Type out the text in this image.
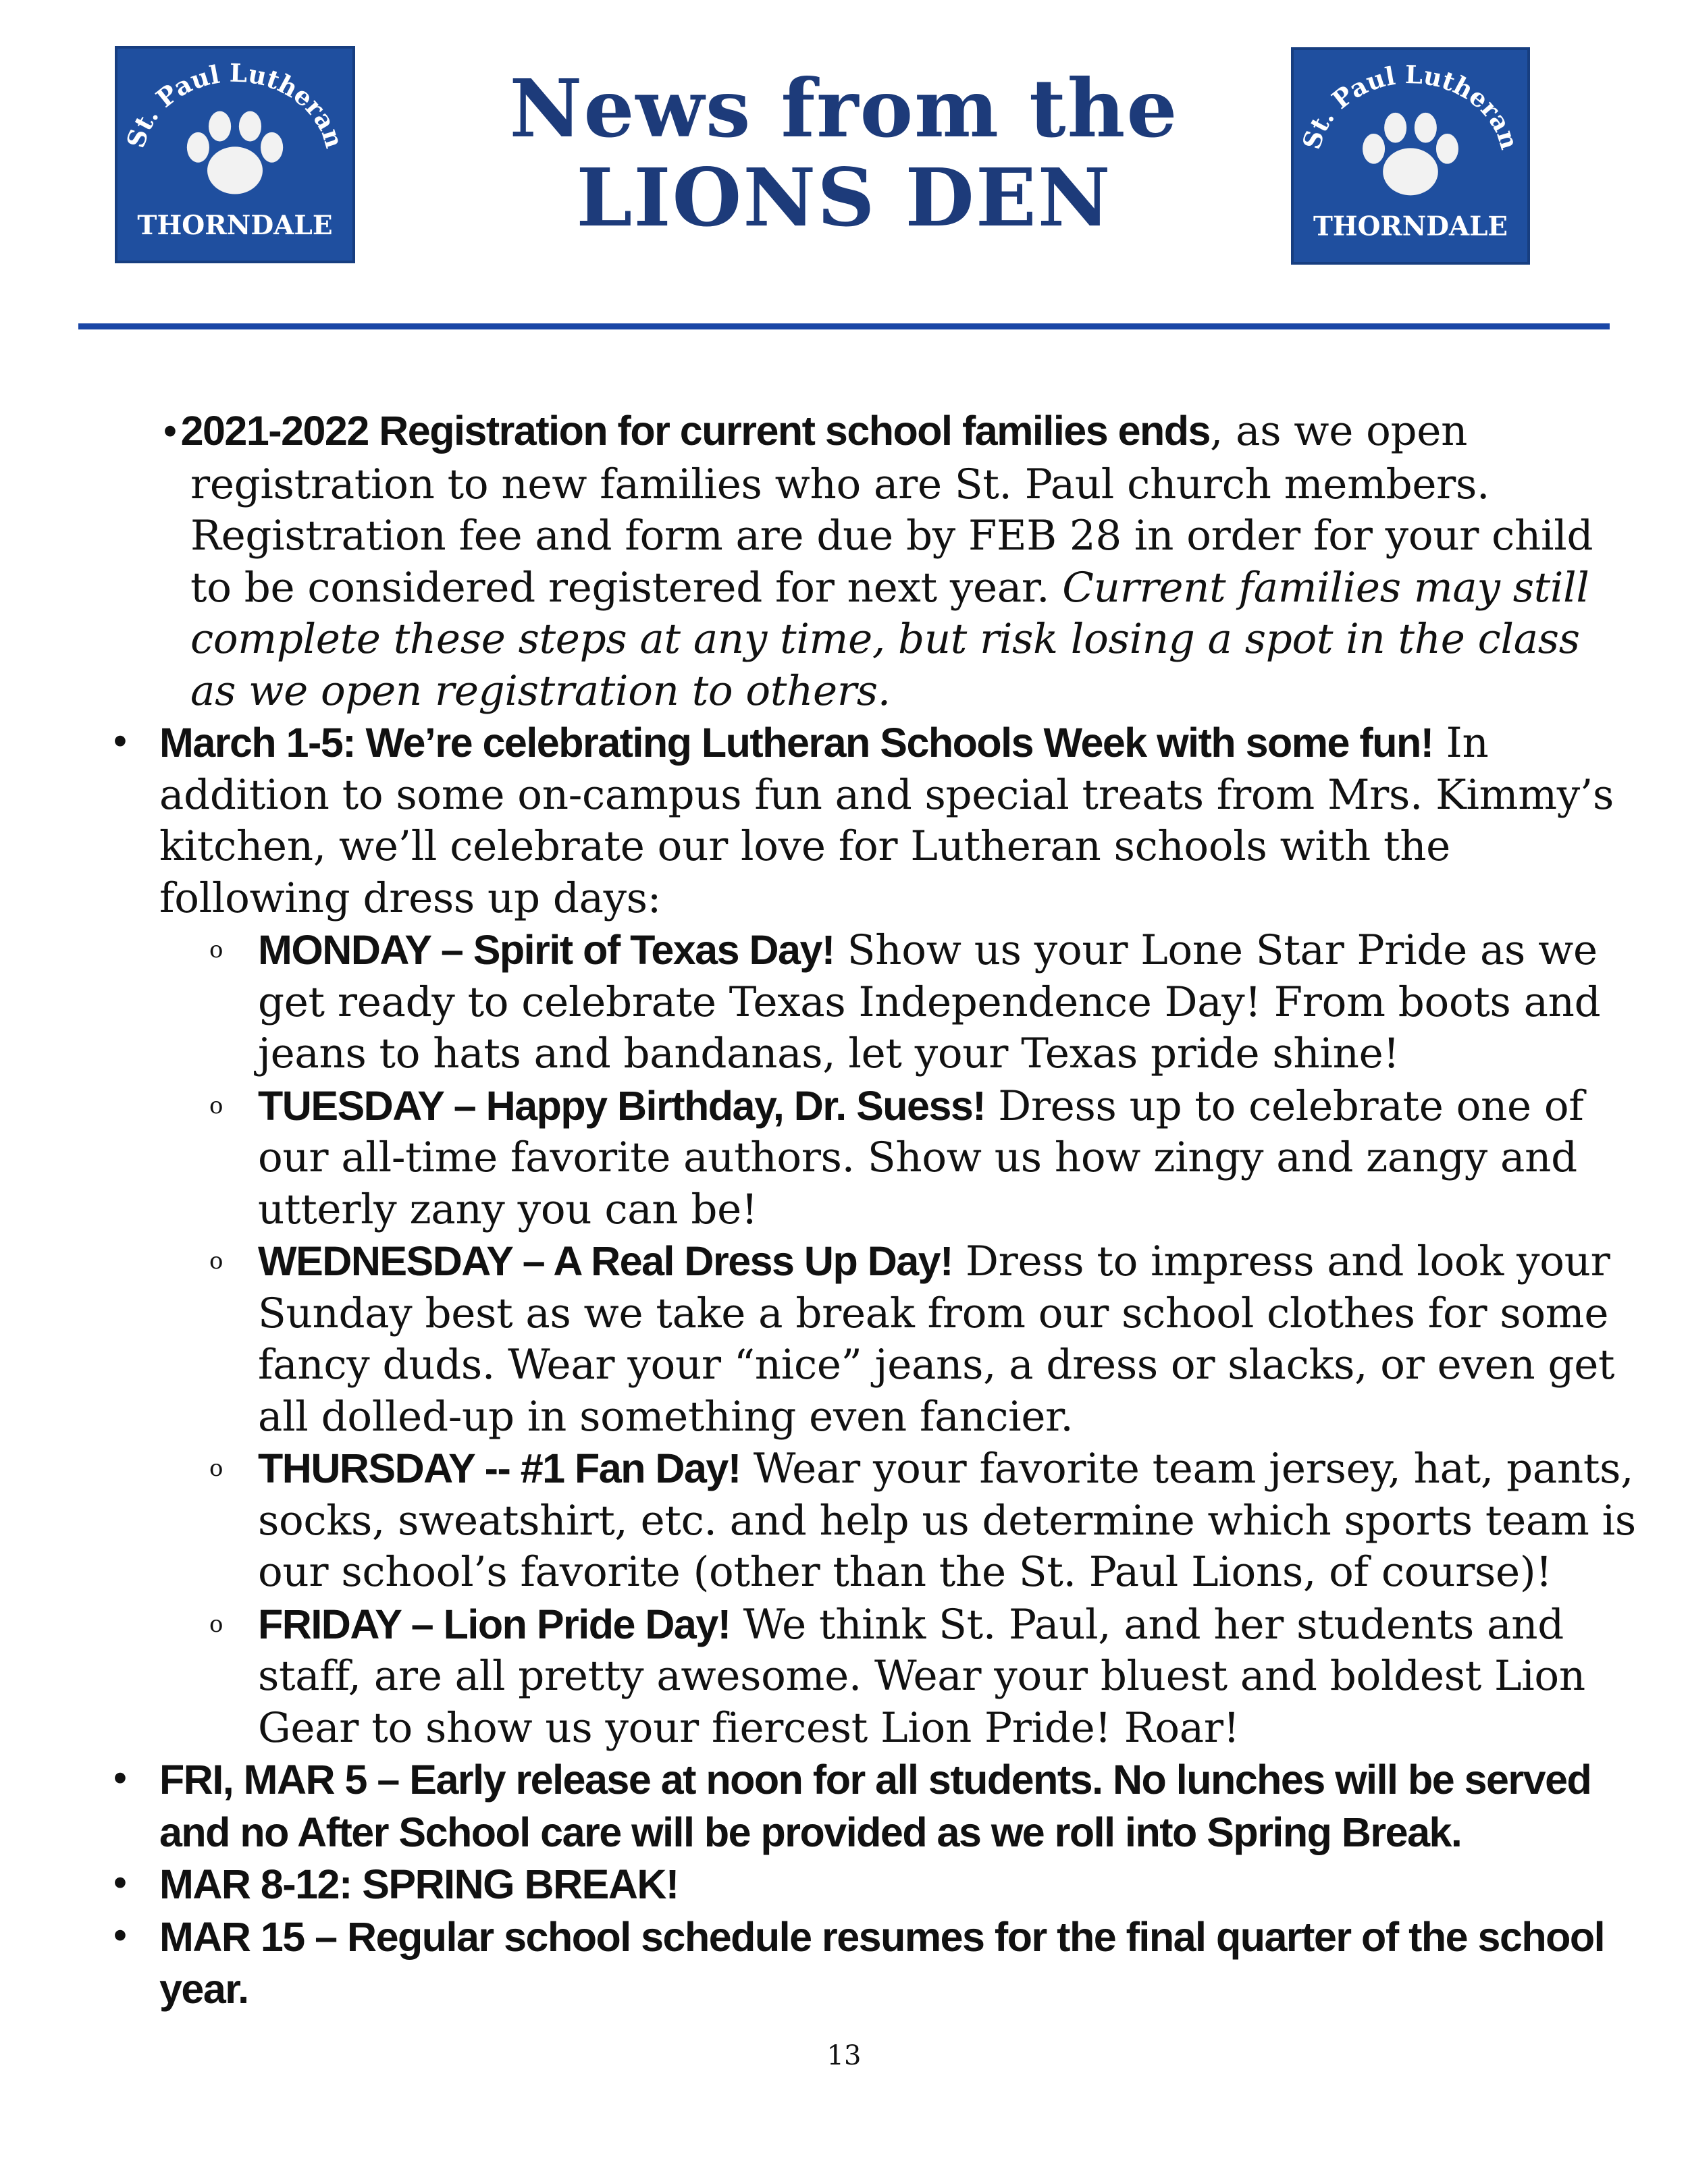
St. Paul Lutheran
THORNDALE
St. Paul Lutheran
THORNDALE
News from the
LIONS DEN
•2021-2022 Registration for current school families ends, as we open registration to new families who are St. Paul church members. Registration fee and form are due by FEB 28 in order for your child to be considered registered for next year. Current families may still complete these steps at any time, but risk losing a spot in the class as we open registration to others.
• March 1-5: We’re celebrating Lutheran Schools Week with some fun! In addition to some on-campus fun and special treats from Mrs. Kimmy’s kitchen, we’ll celebrate our love for Lutheran schools with the following dress up days:
o MONDAY – Spirit of Texas Day! Show us your Lone Star Pride as we get ready to celebrate Texas Independence Day! From boots and jeans to hats and bandanas, let your Texas pride shine!
o TUESDAY – Happy Birthday, Dr. Suess! Dress up to celebrate one of our all-time favorite authors. Show us how zingy and zangy and utterly zany you can be!
o WEDNESDAY – A Real Dress Up Day! Dress to impress and look your Sunday best as we take a break from our school clothes for some fancy duds. Wear your “nice” jeans, a dress or slacks, or even get all dolled-up in something even fancier.
o THURSDAY -- #1 Fan Day! Wear your favorite team jersey, hat, pants, socks, sweatshirt, etc. and help us determine which sports team is our school’s favorite (other than the St. Paul Lions, of course)!
o FRIDAY – Lion Pride Day! We think St. Paul, and her students and staff, are all pretty awesome. Wear your bluest and boldest Lion Gear to show us your fiercest Lion Pride! Roar!
• FRI, MAR 5 – Early release at noon for all students. No lunches will be served and no After School care will be provided as we roll into Spring Break.
• MAR 8-12: SPRING BREAK!
• MAR 15 – Regular school schedule resumes for the final quarter of the school year.
13
